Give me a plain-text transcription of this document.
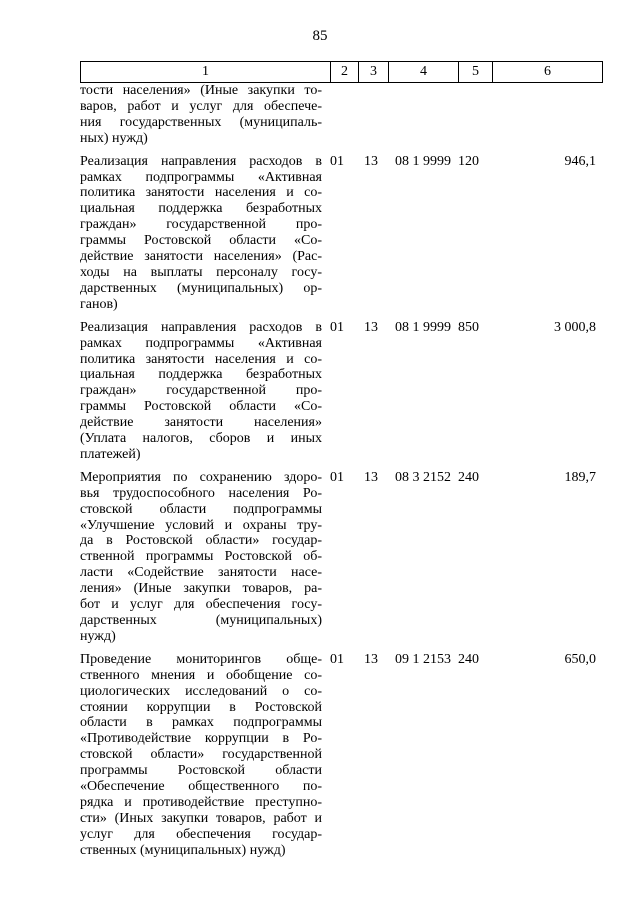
85
1	2	3	4	5	6
тости населения» (Иные закупки то-
варов, работ и услуг для обеспече-
ния государственных (муниципаль-
ных) нужд)
Реализация направления расходов в
рамках подпрограммы «Активная
политика занятости населения и со-
циальная поддержка безработных
граждан» государственной про-
граммы Ростовской области «Со-
действие занятости населения» (Рас-
ходы на выплаты персоналу госу-
дарственных (муниципальных) ор-
ганов)
01	13	08 1 9999 120	946,1
Реализация направления расходов в
рамках подпрограммы «Активная
политика занятости населения и со-
циальная поддержка безработных
граждан» государственной про-
граммы Ростовской области «Со-
действие занятости населения»
(Уплата налогов, сборов и иных
платежей)
01	13	08 1 9999 850	3 000,8
Мероприятия по сохранению здоро-
вья трудоспособного населения Ро-
стовской области подпрограммы
«Улучшение условий и охраны тру-
да в Ростовской области» государ-
ственной программы Ростовской об-
ласти «Содействие занятости насе-
ления» (Иные закупки товаров, ра-
бот и услуг для обеспечения госу-
дарственных (муниципальных)
нужд)
01	13	08 3 2152 240	189,7
Проведение мониторингов обще-
ственного мнения и обобщение со-
циологических исследований о со-
стоянии коррупции в Ростовской
области в рамках подпрограммы
«Противодействие коррупции в Ро-
стовской области» государственной
программы Ростовской области
«Обеспечение общественного по-
рядка и противодействие преступно-
сти» (Иных закупки товаров, работ и
услуг для обеспечения государ-
ственных (муниципальных) нужд)
01	13	09 1 2153 240	650,0
